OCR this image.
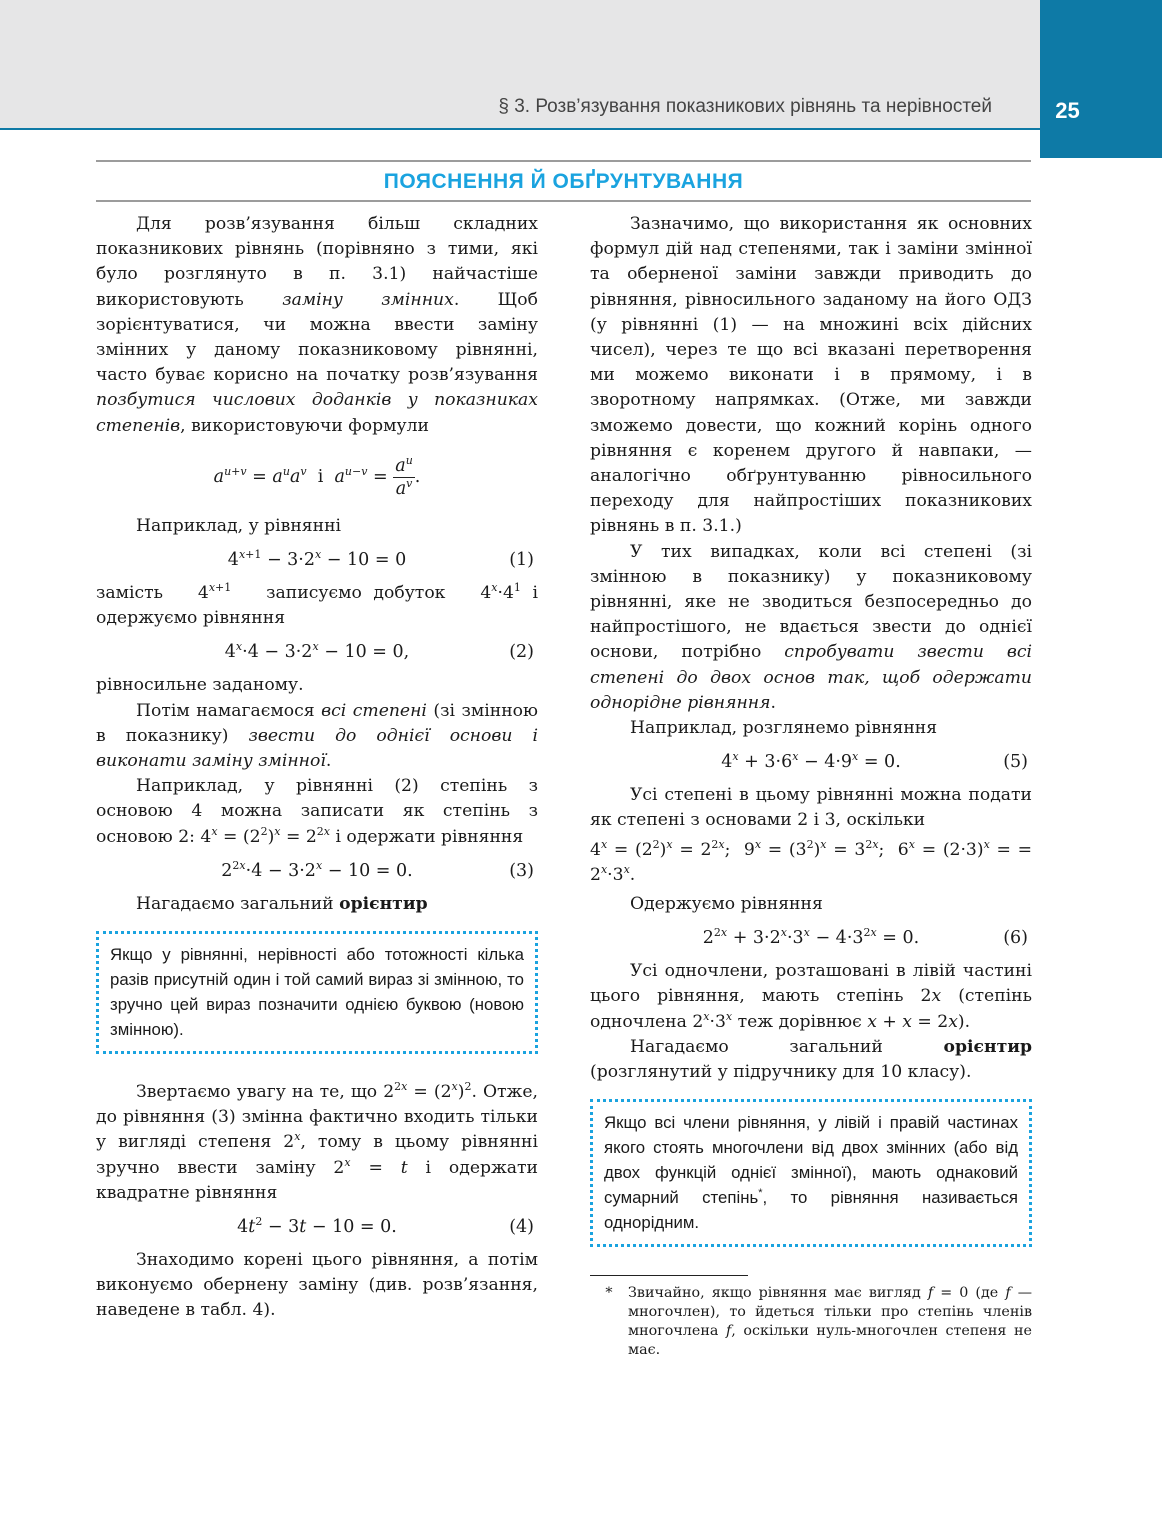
25
§ 3. Розв’язування показникових рівнянь та нерівностей
ПОЯСНЕННЯ Й ОБҐРУНТУВАННЯ

Для розв’язування більш складних показникових рівнянь (порівняно з тими, які було розглянуто в п. 3.1) найчастіше використовують заміну змінних. Щоб зорієнтуватися, чи можна ввести заміну змінних у даному показниковому рівнянні, часто буває корисно на початку розв’язування позбутися числових доданків у показниках степенів, використовуючи формули

$a^{u+v} = a^ua^v$ і $a^{u-v} = \frac{a^u}{a^v}$ .

Наприклад, у рівнянні

$4^{x+1} - 3\cdot 2^x - 10 = 0$	(1)

замість   $4^{x+1}$ записуємо добуток   $4^x\cdot 4^1$ і одержуємо рівняння

$4^x\cdot 4 - 3\cdot 2^x - 10 = 0$,	(2)

рівносильне заданому.

Потім намагаємося всі степені (зі змінною в показнику) звести до однієї основи і виконати заміну змінної.

Наприклад, у рівнянні (2) степінь з основою 4 можна записати як степінь з основою 2: $4^x = (2^2)^x = 2^{2x}$ і одержати рівняння

$2^{2x}\cdot 4 - 3\cdot 2^x - 10 = 0$.	(3)

Нагадаємо загальний орієнтир

Якщо у рівнянні, нерівності або тотожності кілька разів присутній один і той самий вираз зі змінною, то зручно цей вираз позначити однією буквою (новою змінною).

Звертаємо увагу на те, що $2^{2x} = (2^x)^2$. Отже, до рівняння (3) змінна фактично входить тільки у вигляді степеня 2$^x$, тому в цьому рівнянні зручно ввести заміну $2^x = t$ і одержати квадратне рівняння

$4t^2 - 3t - 10 = 0$.	(4)

Знаходимо корені цього рівняння, а потім виконуємо обернену заміну (див. розв’язання, наведене в табл. 4).

Зазначимо, що використання як основних формул дій над степенями, так і заміни змінної та оберненої заміни завжди приводить до рівняння, рівносильного заданому на його ОДЗ (у рівнянні (1) — на множині всіх дійсних чисел), через те що всі вказані перетворення ми можемо виконати і в прямому, і в зворотному напрямках. (Отже, ми завжди зможемо довести, що кожний корінь одного рівняння є коренем другого й навпаки, — аналогічно обґрунтуванню рівносильного переходу для найпростіших показникових рівнянь в п. 3.1.)

У тих випадках, коли всі степені (зі змінною в показнику) у показниковому рівнянні, яке не зводиться безпосередньо до найпростішого, не вдається звести до однієї основи, потрібно спробувати звести всі степені до двох основ так, щоб одержати однорідне рівняння.

Наприклад, розглянемо рівняння

$4^x + 3\cdot 6^x - 4\cdot 9^x = 0$.	(5)

Усі степені в цьому рівнянні можна подати як степені з основами 2 і 3, оскільки

$4^x = (2^2)^x = 2^{2x}$;  $9^x = (3^2)^x = 3^{2x}$;  $6^x = (2\cdot 3)^x$ = = $2^x\cdot 3^x$.

Одержуємо рівняння

$2^{2x} + 3\cdot 2^x\cdot 3^x - 4\cdot 3^{2x} = 0$.	(6)

Усі одночлени, розташовані в лівій частині цього рівняння, мають степінь 2x (степінь одночлена $2^x\cdot 3^x$ теж дорівнює x + x = 2x).

Нагадаємо загальний орієнтир (розглянутий у підручнику для 10 класу).

Якщо всі члени рівняння, у лівій і правій частинах якого стоять многочлени від двох змінних (або від двох функцій однієї змінної), мають однаковий сумарний степінь*, то рівняння називається однорідним.
*	Звичайно, якщо рівняння має вигляд f = 0 (де f — многочлен), то йдеться тільки про степінь членів многочлена f, оскільки нуль-многочлен степеня не має.
